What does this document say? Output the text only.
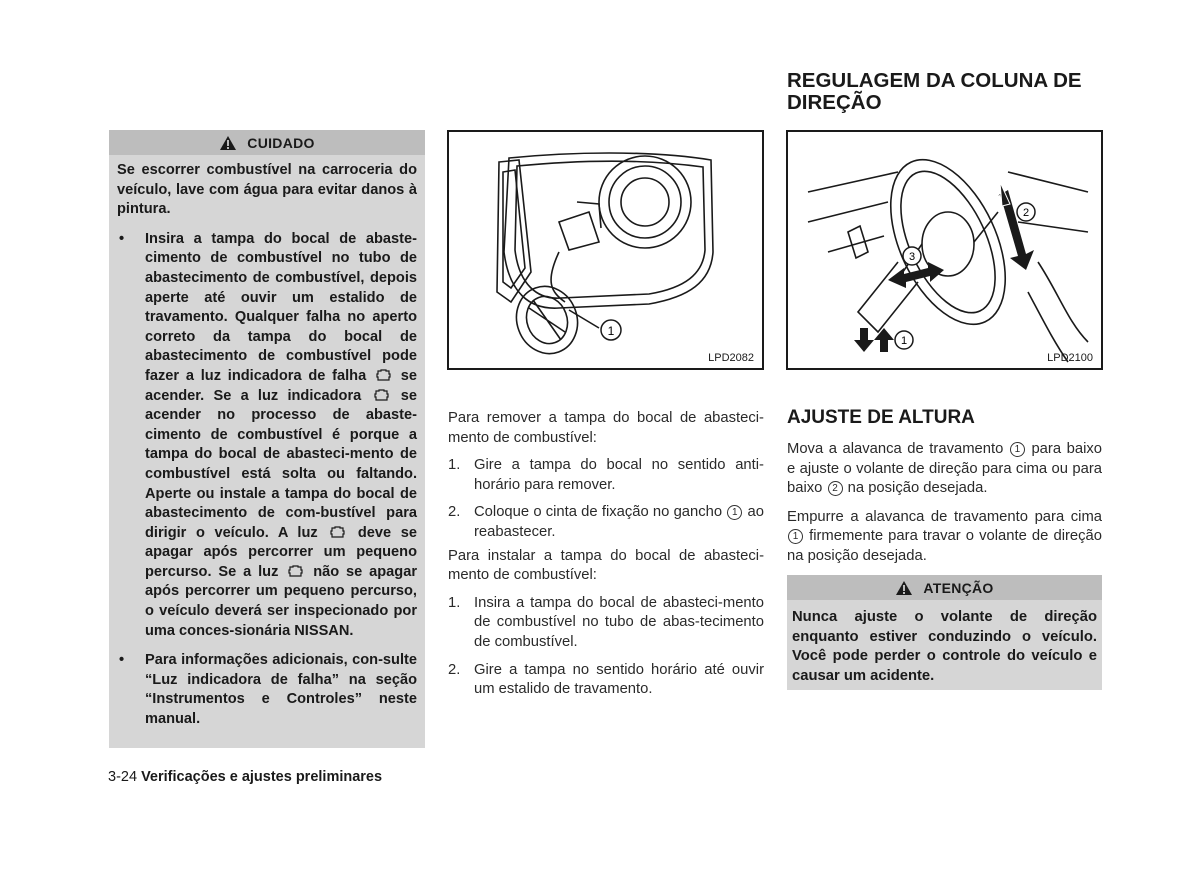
CUIDADO

Se escorrer combustível na carroceria do veículo, lave com água para evitar danos à pintura.

•	Insira a tampa do bocal de abaste-cimento de combustível no tubo de abastecimento de combustível, depois aperte até ouvir um estalido de travamento. Qualquer falha no aperto correto da tampa do bocal de abastecimento de combustível pode fazer a luz indicadora de falha se acender. Se a luz indicadora	se acender no processo de abaste-cimento de combustível é porque a tampa do bocal de abasteci-mento de combustível está solta ou faltando. Aperte ou instale a tampa do bocal de abastecimento de com-bustível para dirigir o veículo. A luz	deve se apagar após percorrer um pequeno percurso. Se a luz não se apagar após percorrer um pequeno percurso, o veículo deverá ser inspecionado por uma conces-sionária NISSAN.
•	Para informações adicionais, con-sulte “Luz indicadora de falha” na seção “Instrumentos e Controles” neste manual.
3-24 Verificações e ajustes preliminares
1
LPD2082

Para remover a tampa do bocal de abasteci-mento de combustível:

1. Gire a tampa do bocal no sentido anti-horário para remover.
2. Coloque o cinta de fixação no gancho 1 ao reabastecer.

Para instalar a tampa do bocal de abasteci-mento de combustível:

1. Insira a tampa do bocal de abasteci-mento de combustível no tubo de abas-tecimento de combustível.
2. Gire a tampa no sentido horário até ouvir um estalido de travamento.
REGULAGEM DA COLUNA DE DIREÇÃO
1
2
3
LPD2100
AJUSTE DE ALTURA

Mova a alavanca de travamento 1 para baixo e ajuste o volante de direção para cima ou para baixo 2 na posição desejada.

Empurre a alavanca de travamento para cima 1 firmemente para travar o volante de direção na posição desejada.

ATENÇÃO
Nunca ajuste o volante de direção enquanto estiver conduzindo o veículo. Você pode perder o controle do veículo e causar um acidente.
